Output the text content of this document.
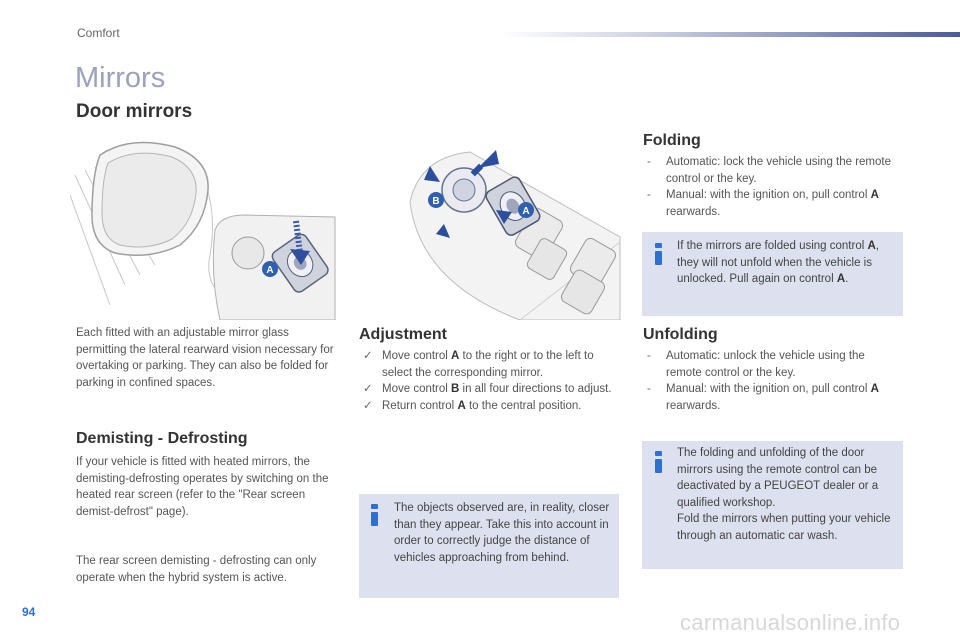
Comfort
Mirrors
Door mirrors
A
B
A
Each fitted with an adjustable mirror glass permitting the lateral rearward vision necessary for overtaking or parking. They can also be folded for parking in confined spaces.
Demisting - Defrosting
If your vehicle is fitted with heated mirrors, the demisting-defrosting operates by switching on the heated rear screen (refer to the "Rear screen demist-defrost" page).
The rear screen demisting - defrosting can only operate when the hybrid system is active.
Adjustment
✓ Move control A to the right or to the left to select the corresponding mirror.
✓ Move control B in all four directions to adjust.
✓ Return control A to the central position.
The objects observed are, in reality, closer than they appear. Take this into account in order to correctly judge the distance of vehicles approaching from behind.
Folding
- Automatic: lock the vehicle using the remote control or the key.
- Manual: with the ignition on, pull control A rearwards.
If the mirrors are folded using control A, they will not unfold when the vehicle is unlocked. Pull again on control A.
Unfolding
- Automatic: unlock the vehicle using the remote control or the key.
- Manual: with the ignition on, pull control A rearwards.
The folding and unfolding of the door mirrors using the remote control can be deactivated by a PEUGEOT dealer or a qualified workshop.
Fold the mirrors when putting your vehicle through an automatic car wash.
94	carmanualsonline.info
